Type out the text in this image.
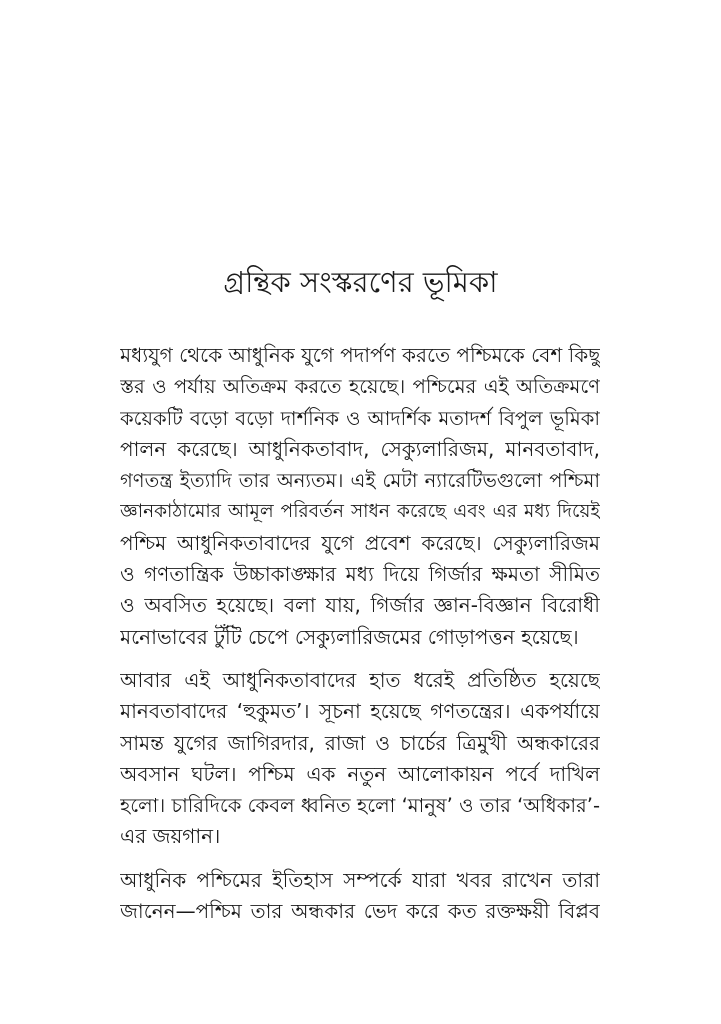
গ্রন্থিক সংস্করণের ভূমিকা
মধ্যযুগ থেকে আধুনিক যুগে পদার্পণ করতে পশ্চিমকে বেশ কিছু
স্তর ও পর্যায় অতিক্রম করতে হয়েছে। পশ্চিমের এই অতিক্রমণে
কয়েকটি বড়ো বড়ো দার্শনিক ও আদর্শিক মতাদর্শ বিপুল ভূমিকা
পালন করেছে। আধুনিকতাবাদ, সেক্যুলারিজম, মানবতাবাদ,
গণতন্ত্র ইত্যাদি তার অন্যতম। এই মেটা ন্যারেটিভগুলো পশ্চিমা
জ্ঞানকাঠামোর আমূল পরিবর্তন সাধন করেছে এবং এর মধ্য দিয়েই
পশ্চিম আধুনিকতাবাদের যুগে প্রবেশ করেছে। সেক্যুলারিজম
ও গণতান্ত্রিক উচ্চাকাঙ্ক্ষার মধ্য দিয়ে গির্জার ক্ষমতা সীমিত
ও অবসিত হয়েছে। বলা যায়, গির্জার জ্ঞান-বিজ্ঞান বিরোধী
মনোভাবের টুঁটি চেপে সেক্যুলারিজমের গোড়াপত্তন হয়েছে।
আবার এই আধুনিকতাবাদের হাত ধরেই প্রতিষ্ঠিত হয়েছে
মানবতাবাদের ‘হুকুমত’। সূচনা হয়েছে গণতন্ত্রের। একপর্যায়ে
সামন্ত যুগের জাগিরদার, রাজা ও চার্চের ত্রিমুখী অন্ধকারের
অবসান ঘটল। পশ্চিম এক নতুন আলোকায়ন পর্বে দাখিল
হলো। চারিদিকে কেবল ধ্বনিত হলো ‘মানুষ’ ও তার ‘অধিকার’-
এর জয়গান।
আধুনিক পশ্চিমের ইতিহাস সম্পর্কে যারা খবর রাখেন তারা
জানেন—পশ্চিম তার অন্ধকার ভেদ করে কত রক্তক্ষয়ী বিপ্লব
